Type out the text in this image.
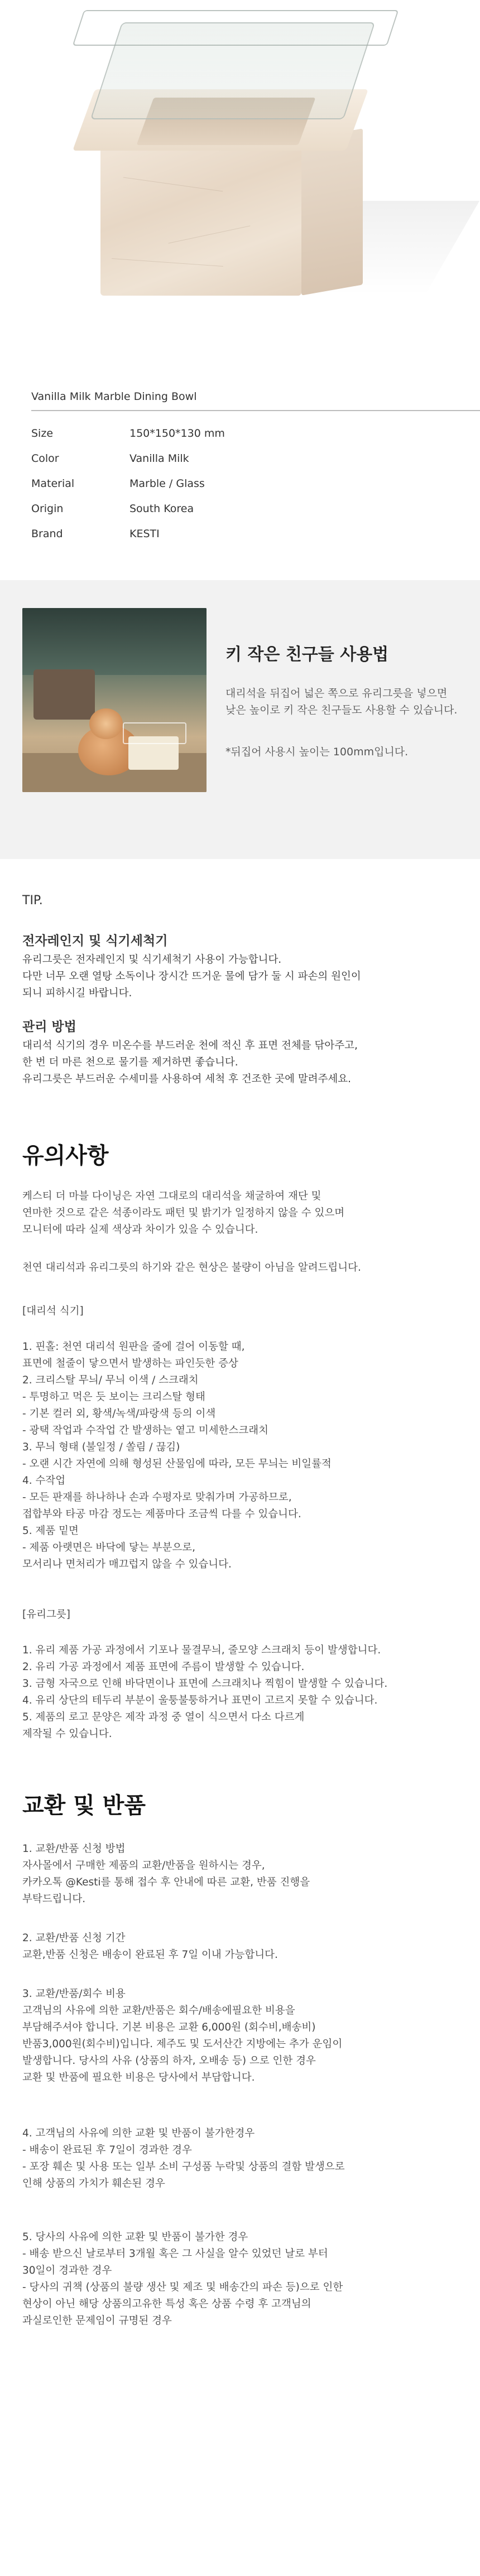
Vanilla Milk Marble Dining Bowl
Size	150*150*130 mm
Color	Vanilla Milk
Material	Marble / Glass
Origin	South Korea
Brand	KESTI
키 작은 친구들 사용법
대리석을 뒤집어 넓은 쪽으로 유리그릇을 넣으면 낮은 높이로 키 작은 친구들도 사용할 수 있습니다.
*뒤집어 사용시 높이는 100mm입니다.
TIP.
전자레인지 및 식기세척기
유리그릇은 전자레인지 및 식기세척기 사용이 가능합니다.
다만 너무 오랜 열탕 소독이나 장시간 뜨거운 물에 담가 둘 시 파손의 원인이
되니 피하시길 바랍니다.
관리 방법
대리석 식기의 경우 미온수를 부드러운 천에 적신 후 표면 전체를 닦아주고,
한 번 더 마른 천으로 물기를 제거하면 좋습니다.
유리그릇은 부드러운 수세미를 사용하여 세척 후 건조한 곳에 말려주세요.
유의사항
케스티 더 마블 다이닝은 자연 그대로의 대리석을 채굴하여 재단 및
연마한 것으로 같은 석종이라도 패턴 및 밝기가 일정하지 않을 수 있으며
모니터에 따라 실제 색상과 차이가 있을 수 있습니다.
천연 대리석과 유리그릇의 하기와 같은 현상은 불량이 아님을 알려드립니다.
[대리석 식기]
1. 핀홀: 천연 대리석 원판을 줄에 걸어 이동할 때,
표면에 철줄이 닿으면서 발생하는 파인듯한 증상
2. 크리스탈 무늬/ 무늬 이색 / 스크래치
- 투명하고 먹은 듯 보이는 크리스탈 형태
- 기본 컬러 외, 황색/녹색/파랑색 등의 이색
- 광택 작업과 수작업 간 발생하는 옅고 미세한스크래치
3. 무늬 형태 (불일정 / 쏠림 / 끊김)
- 오랜 시간 자연에 의해 형성된 산물임에 따라, 모든 무늬는 비일률적
4. 수작업
- 모든 판재를 하나하나 손과 수평자로 맞춰가며 가공하므로,
접합부와 타공 마감 정도는 제품마다 조금씩 다를 수 있습니다.
5. 제품 밑면
- 제품 아랫면은 바닥에 닿는 부분으로,
모서리나 면처리가 매끄럽지 않을 수 있습니다.
[유리그릇]
1. 유리 제품 가공 과정에서 기포나 물결무늬, 줄모양 스크래치 등이 발생합니다.
2. 유리 가공 과정에서 제품 표면에 주름이 발생할 수 있습니다.
3. 금형 자국으로 인해 바닥면이나 표면에 스크래치나 찍힘이 발생할 수 있습니다.
4. 유리 상단의 테두리 부분이 울퉁불퉁하거나 표면이 고르지 못할 수 있습니다.
5. 제품의 로고 문양은 제작 과정 중 열이 식으면서 다소 다르게
제작될 수 있습니다.
교환 및 반품
1. 교환/반품 신청 방법
자사몰에서 구매한 제품의 교환/반품을 원하시는 경우,
카카오톡 @Kesti를 통해 접수 후 안내에 따른 교환, 반품 진행을
부탁드립니다.
2. 교환/반품 신청 기간
교환,반품 신청은 배송이 완료된 후 7일 이내 가능합니다.
3. 교환/반품/회수 비용
고객님의 사유에 의한 교환/반품은 회수/배송에필요한 비용을
부담해주셔야 합니다. 기본 비용은 교환 6,000원 (회수비,배송비)
반품3,000원(회수비)입니다. 제주도 및 도서산간 지방에는 추가 운임이
발생합니다. 당사의 사유 (상품의 하자, 오배송 등) 으로 인한 경우
교환 및 반품에 필요한 비용은 당사에서 부담합니다.
4. 고객님의 사유에 의한 교환 및 반품이 불가한경우
- 배송이 완료된 후 7일이 경과한 경우
- 포장 훼손 및 사용 또는 일부 소비 구성품 누락및 상품의 결함 발생으로
인해 상품의 가치가 훼손된 경우
5. 당사의 사유에 의한 교환 및 반품이 불가한 경우
- 배송 받으신 날로부터 3개월 혹은 그 사실을 알수 있었던 날로 부터
30일이 경과한 경우
- 당사의 귀책 (상품의 불량 생산 및 제조 및 배송간의 파손 등)으로 인한
현상이 아닌 해당 상품의고유한 특성 혹은 상품 수령 후 고객님의
과실로인한 문제임이 규명된 경우
